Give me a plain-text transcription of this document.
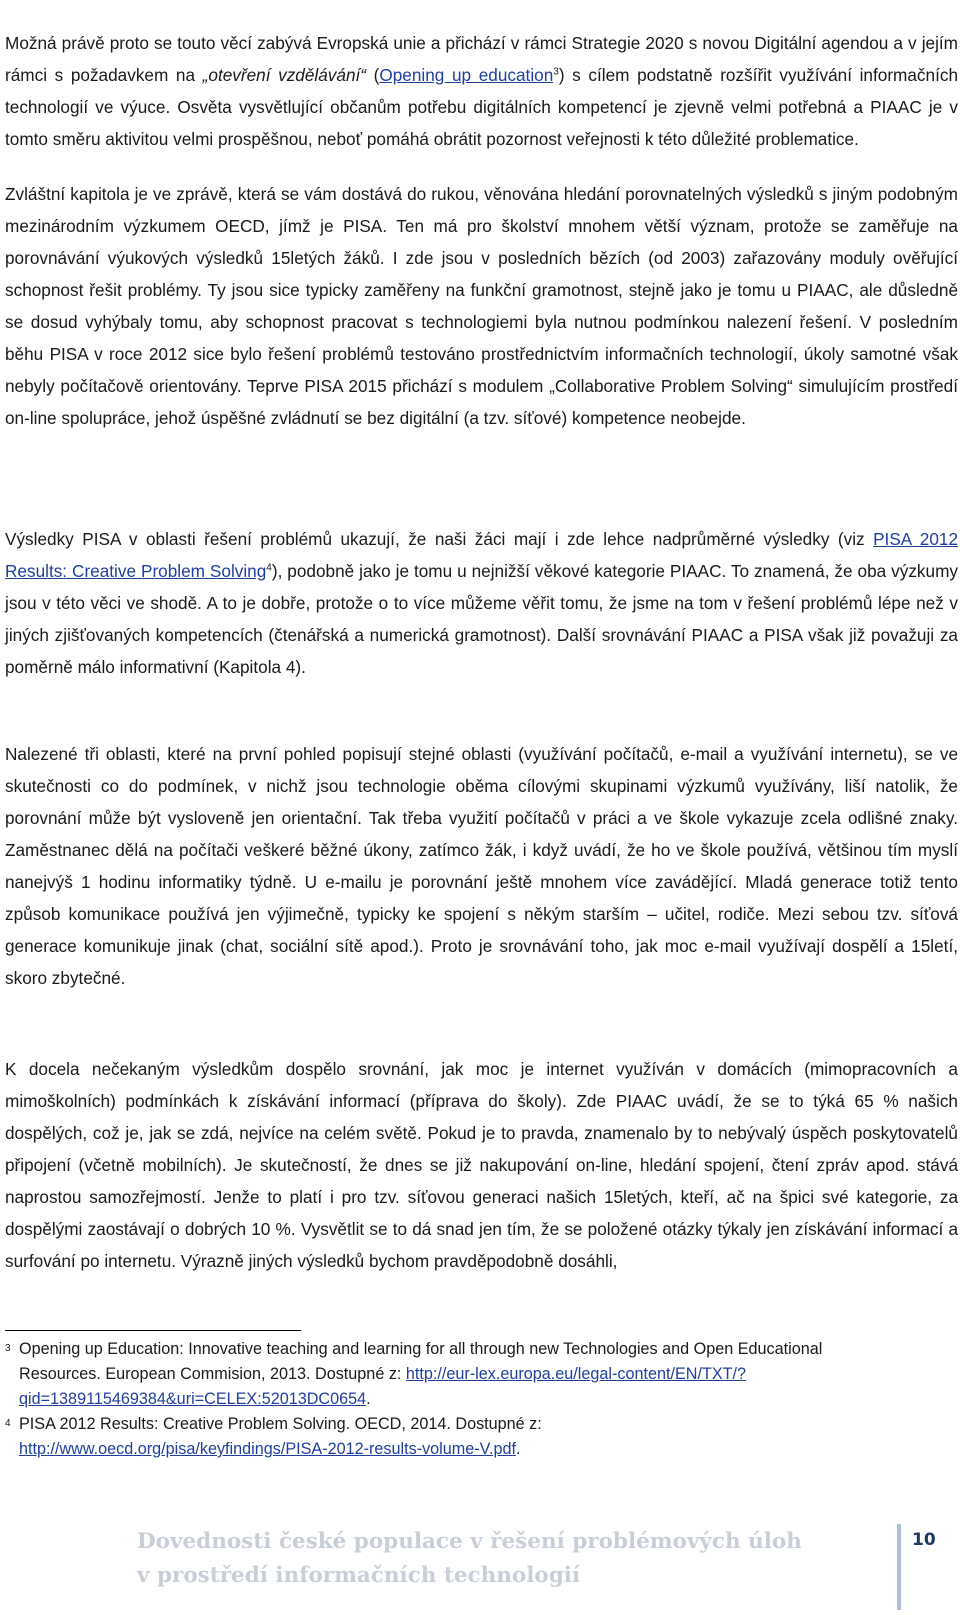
Možná právě proto se touto věcí zabývá Evropská unie a přichází v rámci Strategie 2020 s novou Digitální agendou a v jejím rámci s požadavkem na „otevření vzdělávání“ (Opening up education$^3$) s cílem podstatně rozšířit využívání informačních technologií ve výuce. Osvěta vysvětlující občanům potřebu digitálních kompetencí je zjevně velmi potřebná a PIAAC je v tomto směru aktivitou velmi prospěšnou, neboť pomáhá obrátit pozornost veřejnosti k této důležité problematice.

Zvláštní kapitola je ve zprávě, která se vám dostává do rukou, věnována hledání porovnatelných výsledků s jiným podobným mezinárodním výzkumem OECD, jímž je PISA. Ten má pro školství mnohem větší význam, protože se zaměřuje na porovnávání výukových výsledků 15letých žáků. I zde jsou v posledních bězích (od 2003) zařazovány moduly ověřující schopnost řešit problémy. Ty jsou sice typicky zaměřeny na funkční gramotnost, stejně jako je tomu u PIAAC, ale důsledně se dosud vyhýbaly tomu, aby schopnost pracovat s technologiemi byla nutnou podmínkou nalezení řešení. V posledním běhu PISA v roce 2012 sice bylo řešení problémů testováno prostřednictvím informačních technologií, úkoly samotné však nebyly počítačově orientovány. Teprve PISA 2015 přichází s modulem „Collaborative Problem Solving“ simulujícím prostředí on-line spolupráce, jehož úspěšné zvládnutí se bez digitální (a tzv. síťové) kompetence neobejde.

Výsledky PISA v oblasti řešení problémů ukazují, že naši žáci mají i zde lehce nadprůměrné výsledky (viz PISA 2012 Results: Creative Problem Solving$^4$), podobně jako je tomu u nejnižší věkové kategorie PIAAC. To znamená, že oba výzkumy jsou v této věci ve shodě. A to je dobře, protože o to více můžeme věřit tomu, že jsme na tom v řešení problémů lépe než v jiných zjišťovaných kompetencích (čtenářská a numerická gramotnost). Další srovnávání PIAAC a PISA však již považuji za poměrně málo informativní (Kapitola 4).

Nalezené tři oblasti, které na první pohled popisují stejné oblasti (využívání počítačů, e-mail a využívání internetu), se ve skutečnosti co do podmínek, v nichž jsou technologie oběma cílovými skupinami výzkumů využívány, liší natolik, že porovnání může být vysloveně jen orientační. Tak třeba využití počítačů v práci a ve škole vykazuje zcela odlišné znaky. Zaměstnanec dělá na počítači veškeré běžné úkony, zatímco žák, i když uvádí, že ho ve škole používá, většinou tím myslí nanejvýš 1 hodinu informatiky týdně. U e-mailu je porovnání ještě mnohem více zavádějící. Mladá generace totiž tento způsob komunikace používá jen výjimečně, typicky ke spojení s někým starším – učitel, rodiče. Mezi sebou tzv. síťová generace komunikuje jinak (chat, sociální sítě apod.). Proto je srovnávání toho, jak moc e-mail využívají dospělí a 15letí, skoro zbytečné.

K docela nečekaným výsledkům dospělo srovnání, jak moc je internet využíván v domácích (mimopracovních a mimoškolních) podmínkách k získávání informací (příprava do školy). Zde PIAAC uvádí, že se to týká 65 % našich dospělých, což je, jak se zdá, nejvíce na celém světě. Pokud je to pravda, znamenalo by to nebývalý úspěch poskytovatelů připojení (včetně mobilních). Je skutečností, že dnes se již nakupování on-line, hledání spojení, čtení zpráv apod. stává naprostou samozřejmostí. Jenže to platí i pro tzv. síťovou generaci našich 15letých, kteří, ač na špici své kategorie, za dospělými zaostávají o dobrých 10 %. Vysvětlit se to dá snad jen tím, že se položené otázky týkaly jen získávání informací a surfování po internetu. Výrazně jiných výsledků bychom pravděpodobně dosáhli,

3 Opening up Education: Innovative teaching and learning for all through new Technologies and Open Educational Resources. European Commision, 2013. Dostupné z: http://eur-lex.europa.eu/legal-content/EN/TXT/?qid=1389115469384&uri=CELEX:52013DC0654.
4 PISA 2012 Results: Creative Problem Solving. OECD, 2014. Dostupné z:
http://www.oecd.org/pisa/keyfindings/PISA-2012-results-volume-V.pdf.
Dovednosti české populace v řešení problémových úloh
v prostředí informačních technologií
10
